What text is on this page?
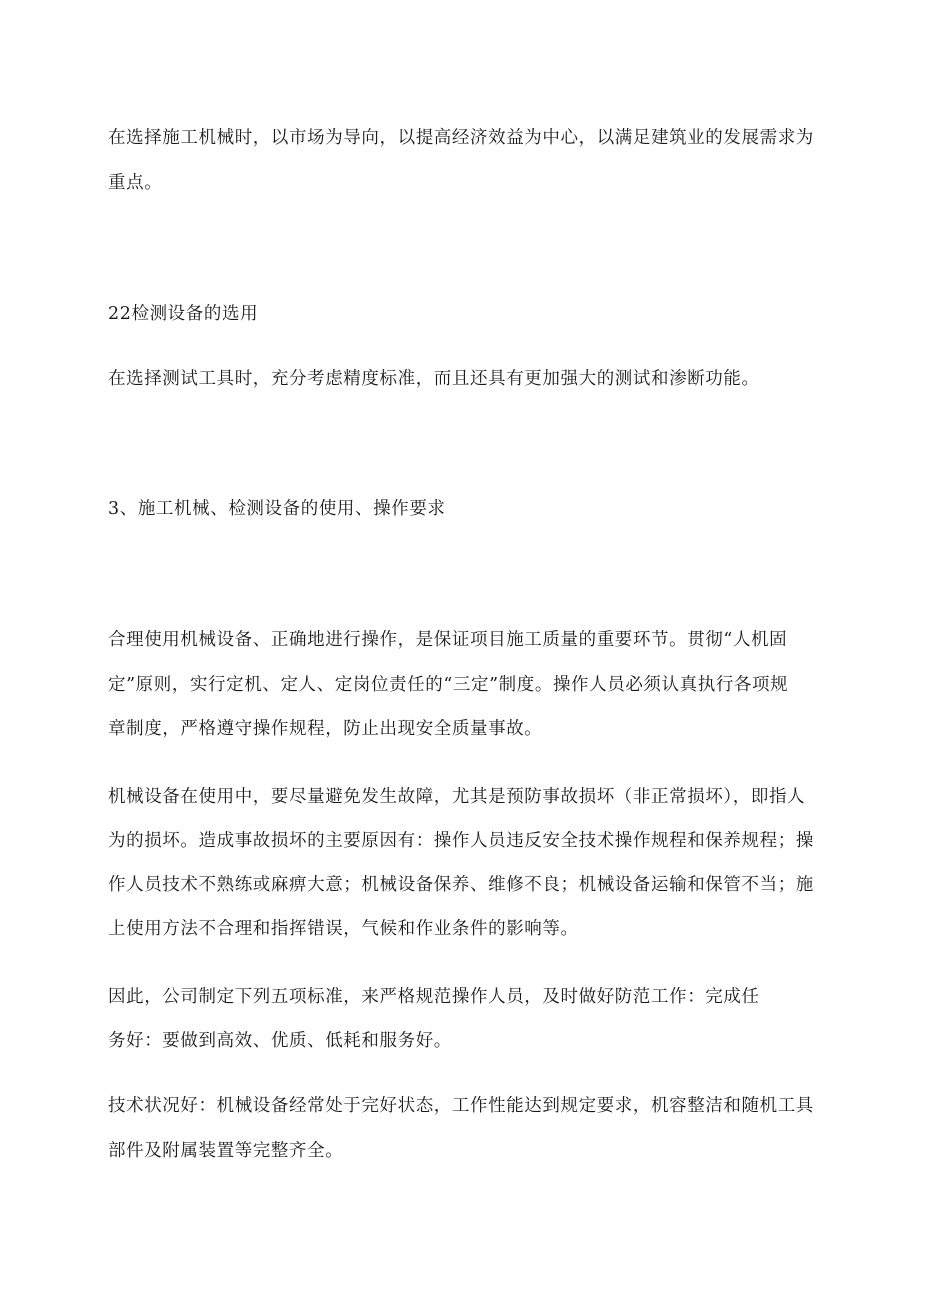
在选择施工机械时，以市场为导向，以提高经济效益为中心，以满足建筑业的发展需求为
重点。
22检测设备的选用
在选择测试工具时，充分考虑精度标准，而且还具有更加强大的测试和渗断功能。
3、施工机械、检测设备的使用、操作要求
合理使用机械设备、正确地进行操作，是保证项目施工质量的重要环节。贯彻“人机固
定”原则，实行定机、定人、定岗位责任的“三定”制度。操作人员必须认真执行各项规
章制度，严格遵守操作规程，防止出现安全质量事故。
机械设备在使用中，要尽量避免发生故障，尤其是预防事故损坏（非正常损坏），即指人
为的损坏。造成事故损坏的主要原因有：操作人员违反安全技术操作规程和保养规程；操
作人员技术不熟练或麻痹大意；机械设备保养、维修不良；机械设备运输和保管不当；施
上使用方法不合理和指挥错误，气候和作业条件的影响等。
因此，公司制定下列五项标准，来严格规范操作人员，及时做好防范工作：完成任
务好：要做到高效、优质、低耗和服务好。
技术状况好：机械设备经常处于完好状态，工作性能达到规定要求，机容整洁和随机工具
部件及附属装置等完整齐全。
